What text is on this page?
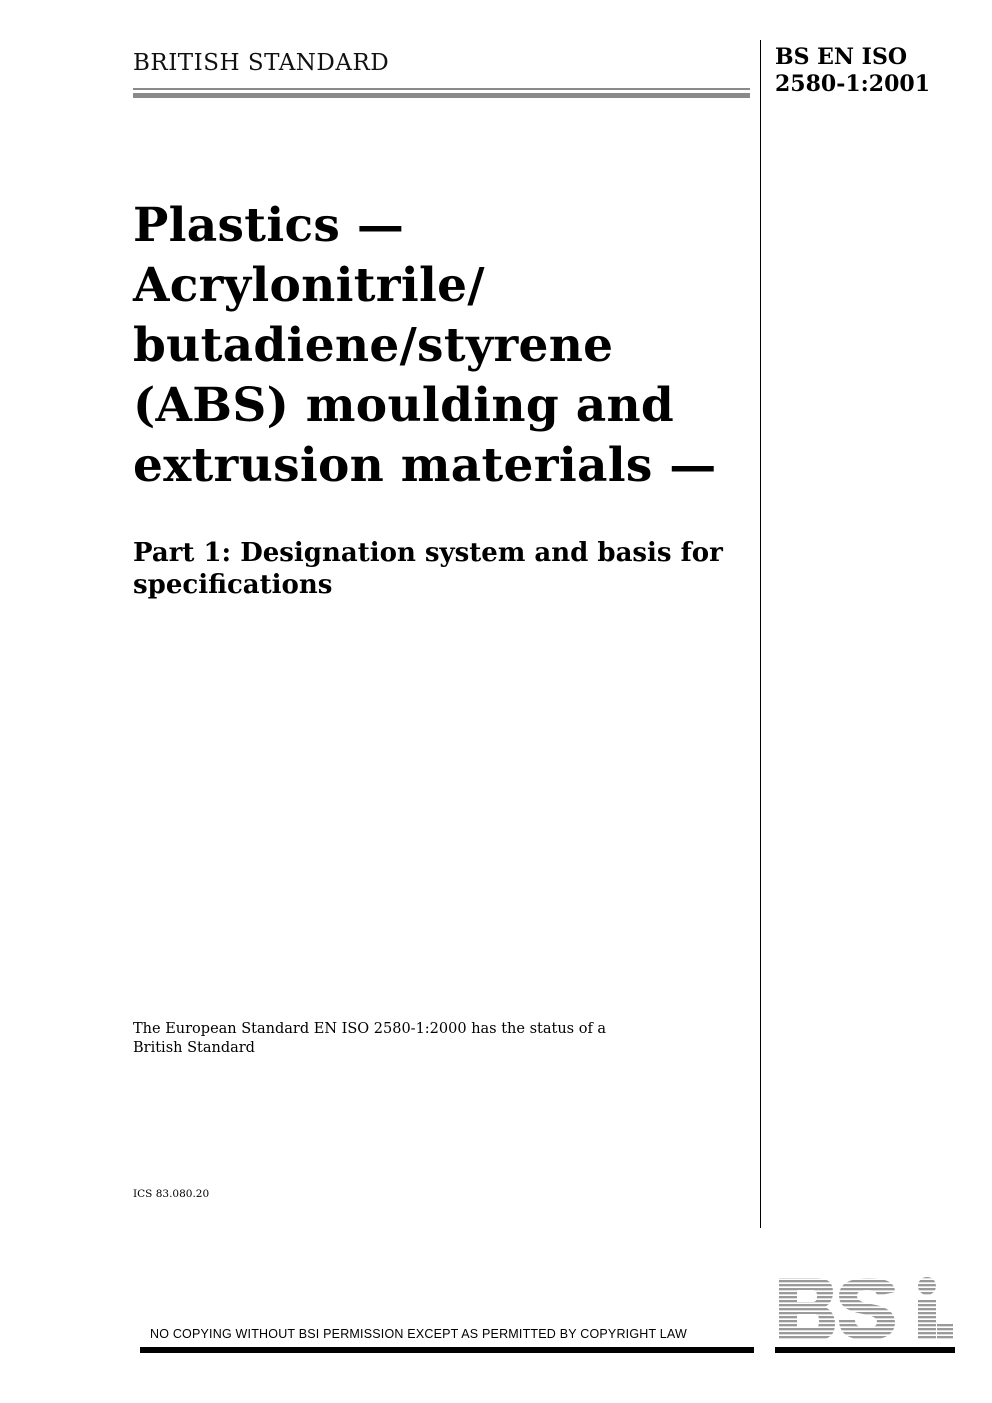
BRITISH STANDARD	BS EN ISO
2580-1:2001
Plastics —
Acrylonitrile/
butadiene/styrene
(ABS) moulding and
extrusion materials —
Part 1: Designation system and basis for
specifications
The European Standard EN ISO 2580-1:2000 has the status of a
British Standard
ICS 83.080.20
BSI
NO COPYING WITHOUT BSI PERMISSION EXCEPT AS PERMITTED BY COPYRIGHT LAW
